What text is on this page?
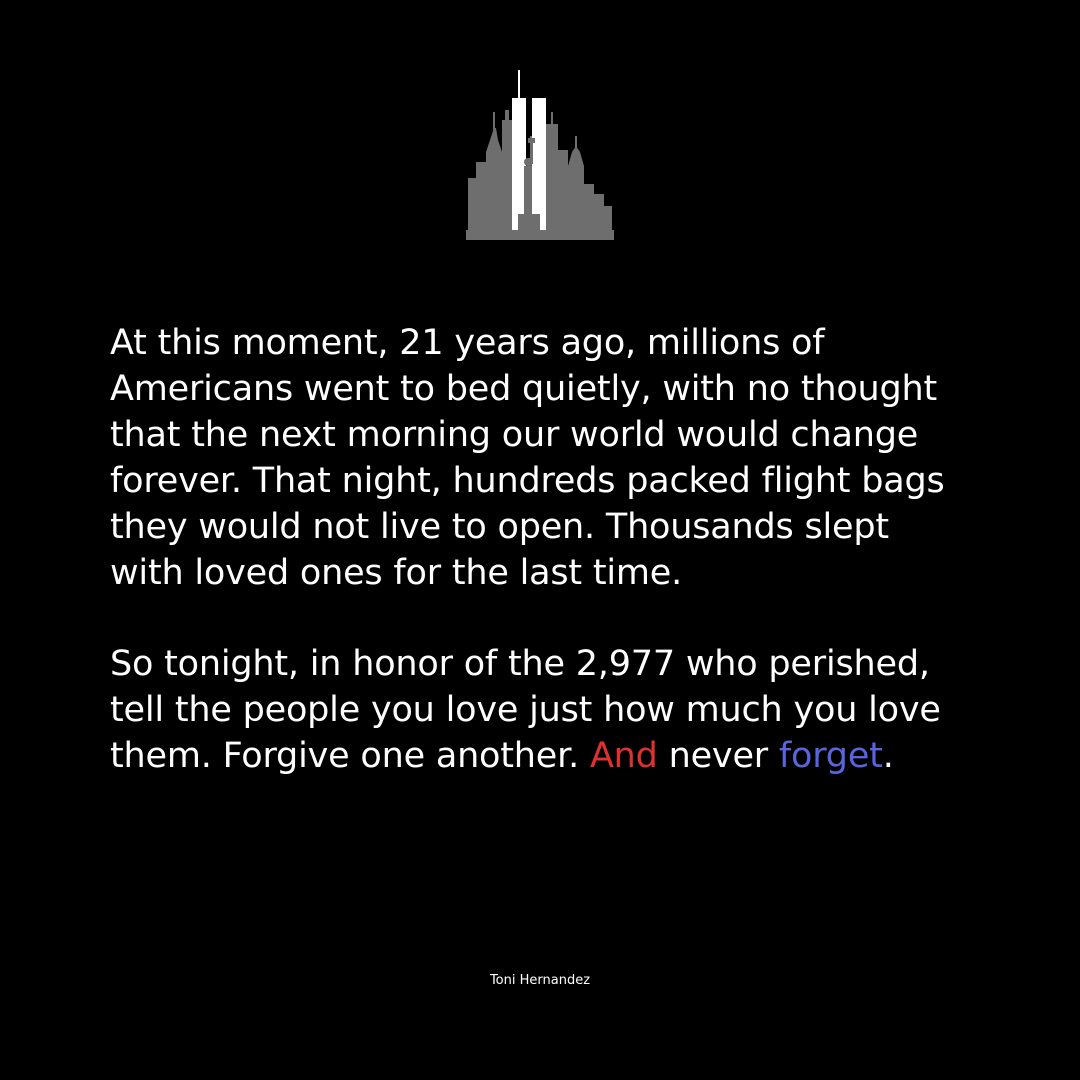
At this moment, 21 years ago, millions of
Americans went to bed quietly, with no thought
that the next morning our world would change
forever. That night, hundreds packed flight bags
they would not live to open. Thousands slept
with loved ones for the last time.

So tonight, in honor of the 2,977 who perished,
tell the people you love just how much you love
them. Forgive one another. And never forget.

Toni Hernandez
